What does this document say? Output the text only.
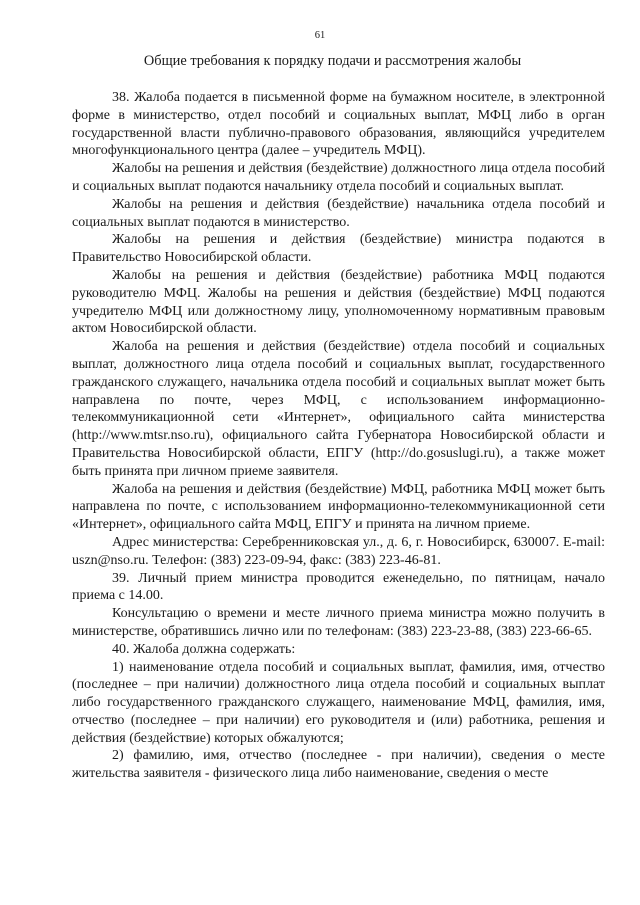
61
Общие требования к порядку подачи и рассмотрения жалобы

38. Жалоба подается в письменной форме на бумажном носителе, в электронной форме в министерство, отдел пособий и социальных выплат, МФЦ либо в орган государственной власти публично-правового образования, являющийся учредителем многофункционального центра (далее – учредитель МФЦ).

Жалобы на решения и действия (бездействие) должностного лица отдела пособий и социальных выплат подаются начальнику отдела пособий и социальных выплат.

Жалобы на решения и действия (бездействие) начальника отдела пособий и социальных выплат подаются в министерство.

Жалобы на решения и действия (бездействие) министра подаются в Правительство Новосибирской области.

Жалобы на решения и действия (бездействие) работника МФЦ подаются руководителю МФЦ. Жалобы на решения и действия (бездействие) МФЦ подаются учредителю МФЦ или должностному лицу, уполномоченному нормативным правовым актом Новосибирской области.

Жалоба на решения и действия (бездействие) отдела пособий и социальных выплат, должностного лица отдела пособий и социальных выплат, государственного гражданского служащего, начальника отдела пособий и социальных выплат может быть направлена по почте, через МФЦ, с использованием информационно-телекоммуникационной сети «Интернет», официального сайта министерства (http://www.mtsr.nso.ru), официального сайта Губернатора Новосибирской области и Правительства Новосибирской области, ЕПГУ (http://do.gosuslugi.ru), а также может быть принята при личном приеме заявителя.

Жалоба на решения и действия (бездействие) МФЦ, работника МФЦ может быть направлена по почте, с использованием информационно-телекоммуникационной сети «Интернет», официального сайта МФЦ, ЕПГУ и принята на личном приеме.

Адрес министерства: Серебренниковская ул., д. 6, г. Новосибирск, 630007. E-mail: uszn@nso.ru. Телефон: (383) 223-09-94, факс: (383) 223-46-81.

39. Личный прием министра проводится еженедельно, по пятницам, начало приема с 14.00.

Консультацию о времени и месте личного приема министра можно получить в министерстве, обратившись лично или по телефонам: (383) 223-23-88, (383) 223-66-65.

40. Жалоба должна содержать:

1) наименование отдела пособий и социальных выплат, фамилия, имя, отчество (последнее – при наличии) должностного лица отдела пособий и социальных выплат либо государственного гражданского служащего, наименование МФЦ, фамилия, имя, отчество (последнее – при наличии) его руководителя и (или) работника, решения и действия (бездействие) которых обжалуются;

2) фамилию, имя, отчество (последнее - при наличии), сведения о месте жительства заявителя - физического лица либо наименование, сведения о месте
